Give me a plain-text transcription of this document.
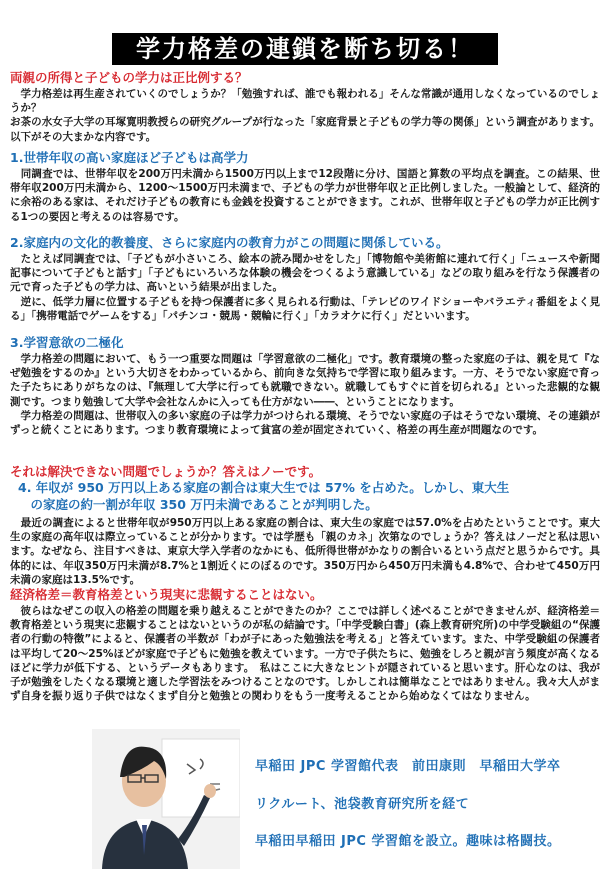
学力格差の連鎖を断ち切る！
両親の所得と子どもの学力は正比例する？
　学力格差は再生産されていくのでしょうか？「勉強すれば、誰でも報われる」そんな常識が通用しなくなっているのでしょうか？
お茶の水女子大学の耳塚寛明教授らの研究グループが行なった「家庭背景と子どもの学力等の関係」という調査があります。以下がその大まかな内容です。
1.世帯年収の高い家庭ほど子どもは高学力
　同調査では、世帯年収を200万円未満から1500万円以上まで12段階に分け、国語と算数の平均点を調査。この結果、世帯年収200万円未満から、1200〜1500万円未満まで、子どもの学力が世帯年収と正比例しました。一般論として、経済的に余裕のある家は、それだけ子どもの教育にも金銭を投資することができます。これが、世帯年収と子どもの学力が正比例する1つの要因と考えるのは容易です。
2.家庭内の文化的教養度、さらに家庭内の教育力がこの問題に関係している。
　たとえば同調査では、「子どもが小さいころ、絵本の読み聞かせをした」「博物館や美術館に連れて行く」「ニュースや新聞記事について子どもと話す」「子どもにいろいろな体験の機会をつくるよう意識している」などの取り組みを行なう保護者の元で育った子どもの学力は、高いという結果が出ました。
　逆に、低学力層に位置する子どもを持つ保護者に多く見られる行動は、「テレビのワイドショーやバラエティ番組をよく見る」「携帯電話でゲームをする」「パチンコ・競馬・競輪に行く」「カラオケに行く」だといいます。
3.学習意欲の二極化
　学力格差の問題において、もう一つ重要な問題は「学習意欲の二極化」です。教育環境の整った家庭の子は、親を見て『なぜ勉強をするのか』という大切さをわかっているから、前向きな気持ちで学習に取り組みます。一方、そうでない家庭で育った子たちにありがちなのは、『無理して大学に行っても就職できない。就職してもすぐに首を切られる』といった悲観的な観測です。つまり勉強して大学や会社なんかに入っても仕方がない――、ということになります。
　学力格差の問題は、世帯収入の多い家庭の子は学力がつけられる環境、そうでない家庭の子はそうでない環境、その連鎖がずっと続くことにあります。つまり教育環境によって貧富の差が固定されていく、格差の再生産が問題なのです。
それは解決できない問題でしょうか？答えはノーです。
4. 年収が 950 万円以上ある家庭の割合は東大生では 57% を占めた。しかし、東大生
　の家庭の約一割が年収 350 万円未満であることが判明した。
　最近の調査によると世帯年収が950万円以上ある家庭の割合は、東大生の家庭では57.0%を占めたということです。東大生の家庭の高年収は際立っていることが分かります。では学歴も「親のカネ」次第なのでしょうか？答えはノーだと私は思います。なぜなら、注目すべきは、東京大学入学者のなかにも、低所得世帯がかなりの割合いるという点だと思うからです。具体的には、年収350万円未満が8.7%と1割近くにのぼるのです。350万円から450万円未満も4.8%で、合わせて450万円未満の家庭は13.5%です。
経済格差＝教育格差という現実に悲観することはない。
　彼らはなぜこの収入の格差の問題を乗り越えることができたのか？ここでは詳しく述べることができませんが、経済格差＝教育格差という現実に悲観することはないというのが私の結論です。「中学受験白書」(森上教育研究所)の中学受験組の“保護者の行動の特徴”によると、保護者の半数が「わが子にあった勉強法を考える」と答えています。また、中学受験組の保護者は平均して20〜25%ほどが家庭で子どもに勉強を教えています。一方で子供たちに、勉強をしろと親が言う頻度が高くなるほどに学力が低下する、というデータもあります。　私はここに大きなヒントが隠されていると思います。肝心なのは、我が子が勉強をしたくなる環境と適した学習法をみつけることなのです。しかしこれは簡単なことではありません。我々大人がまず自身を振り返り子供ではなくまず自分と勉強との関わりをもう一度考えることから始めなくてはなりません。
早稲田 JPC 学習館代表　前田康則　早稲田大学卒
リクルート、池袋教育研究所を経て
早稲田早稲田 JPC 学習館を設立。趣味は格闘技。
